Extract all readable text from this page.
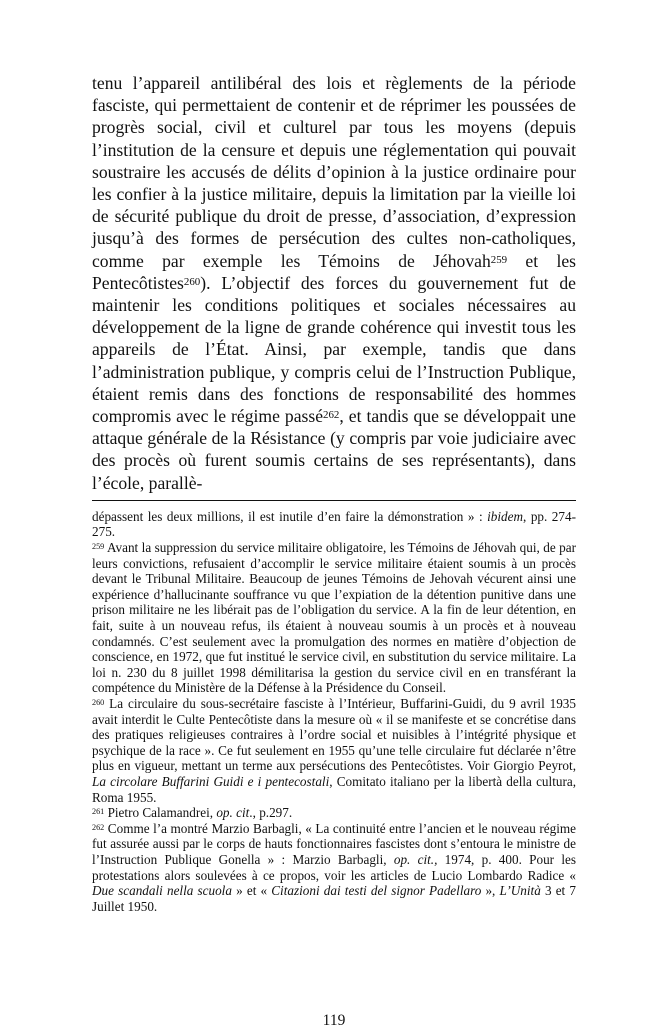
tenu l’appareil antilibéral des lois et règlements de la période fasciste, qui permettaient de contenir et de réprimer les poussées de progrès social, civil et culturel par tous les moyens (depuis l’institution de la censure et depuis une réglementation qui pouvait soustraire les accusés de délits d’opinion à la justice ordinaire pour les confier à la justice militaire, depuis la limitation par la vieille loi de sécurité publique du droit de presse, d’association, d’expression jusqu’à des formes de persécution des cultes non-catholiques, comme par exemple les Témoins de Jéhovah$^{259}$ et les Pentecôtistes$^{260}$). L’objectif des forces du gouvernement fut de maintenir les conditions politiques et sociales nécessaires au développement de la ligne de grande cohérence qui investit tous les appareils de l’État. Ainsi, par exemple, tandis que dans l’administration publique, y compris celui de l’Instruction Publique, étaient remis dans des fonctions de responsabilité des hommes compromis avec le régime passé$^{262}$, et tandis que se développait une attaque générale de la Résistance (y compris par voie judiciaire avec des procès où furent soumis certains de ses représentants), dans l’école, parallè-

dépassent les deux millions, il est inutile d’en faire la démonstration » : ibidem, pp. 274-275.

$^{259}$ Avant la suppression du service militaire obligatoire, les Témoins de Jéhovah qui, de par leurs convictions, refusaient d’accomplir le service militaire étaient soumis à un procès devant le Tribunal Militaire. Beaucoup de jeunes Témoins de Jehovah vécurent ainsi une expérience d’hallucinante souffrance vu que l’expiation de la détention punitive dans une prison militaire ne les libérait pas de l’obligation du service. A la fin de leur détention, en fait, suite à un nouveau refus, ils étaient à nouveau soumis à un procès et à nouveau condamnés. C’est seulement avec la promulgation des normes en matière d’objection de conscience, en 1972, que fut institué le service civil, en substitution du service militaire. La loi n. 230 du 8 juillet 1998 démilitarisa la gestion du service civil en en transférant la compétence du Ministère de la Défense à la Présidence du Conseil.

$^{260}$ La circulaire du sous-secrétaire fasciste à l’Intérieur, Buffarini-Guidi, du 9 avril 1935 avait interdit le Culte Pentecôtiste dans la mesure où « il se manifeste et se concrétise dans des pratiques religieuses contraires à l’ordre social et nuisibles à l’intégrité physique et psychique de la race ». Ce fut seulement en 1955 qu’une telle circulaire fut déclarée n’être plus en vigueur, mettant un terme aux persécutions des Pentecôtistes. Voir Giorgio Peyrot, La circolare Buffarini Guidi e i pentecostali, Comitato italiano per la libertà della cultura, Roma 1955.

$^{261}$ Pietro Calamandrei, op. cit., p.297.

$^{262}$ Comme l’a montré Marzio Barbagli, « La continuité entre l’ancien et le nouveau régime fut assurée aussi par le corps de hauts fonctionnaires fascistes dont s’entoura le ministre de l’Instruction Publique Gonella » : Marzio Barbagli, op. cit., 1974, p. 400. Pour les protestations alors soulevées à ce propos, voir les articles de Lucio Lombardo Radice « Due scandali nella scuola » et « Citazioni dai testi del signor Padellaro », L’Unità 3 et 7 Juillet 1950.

119
